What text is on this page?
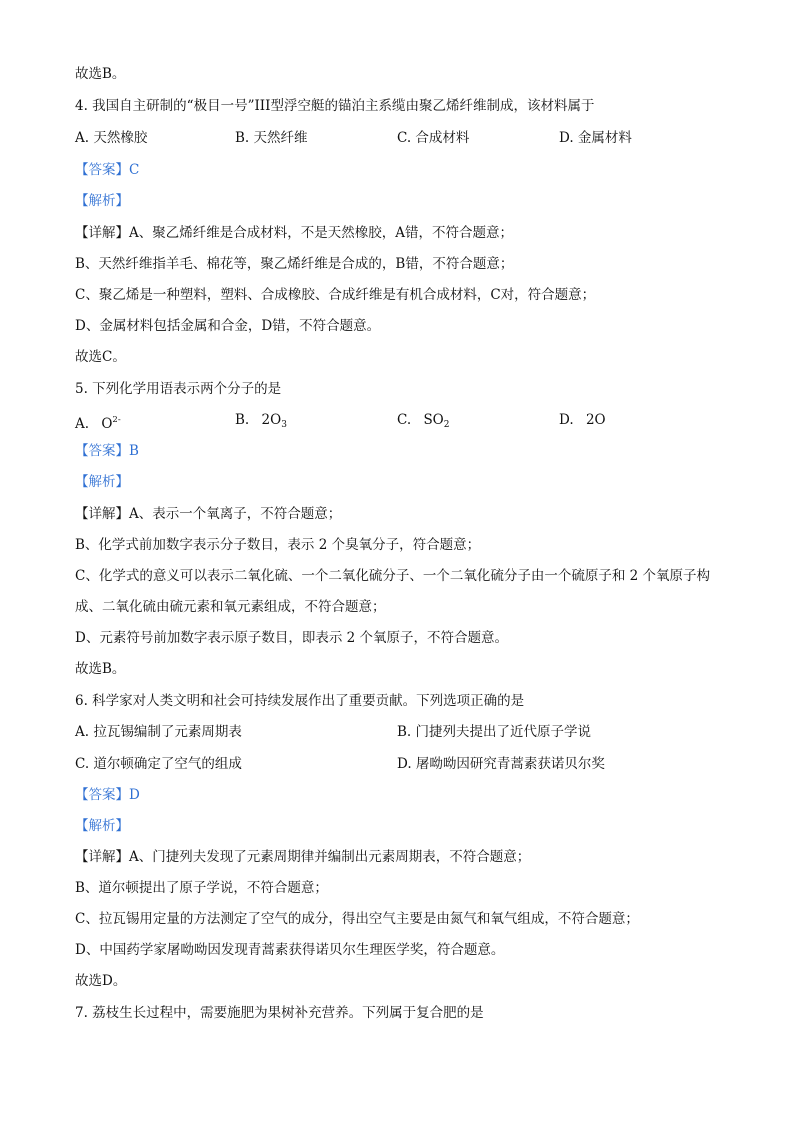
故选B。
4. 我国自主研制的“极目一号”III型浮空艇的锚泊主系缆由聚乙烯纤维制成，该材料属于
A. 天然橡胶	B. 天然纤维	C. 合成材料	D. 金属材料
【答案】C
【解析】
【详解】A、聚乙烯纤维是合成材料，不是天然橡胶，A错，不符合题意；
B、天然纤维指羊毛、棉花等，聚乙烯纤维是合成的，B错，不符合题意；
C、聚乙烯是一种塑料，塑料、合成橡胶、合成纤维是有机合成材料，C对，符合题意；
D、金属材料包括金属和合金，D错，不符合题意。
故选C。
5. 下列化学用语表示两个分子的是
A. $O^{2-}$	B. $2O_3$	C. $SO_2$	D. 2O
【答案】B
【解析】
【详解】A、表示一个氧离子，不符合题意；
B、化学式前加数字表示分子数目，表示 2 个臭氧分子，符合题意；
C、化学式的意义可以表示二氧化硫、一个二氧化硫分子、一个二氧化硫分子由一个硫原子和 2 个氧原子构
成、二氧化硫由硫元素和氧元素组成，不符合题意；
D、元素符号前加数字表示原子数目，即表示 2 个氧原子，不符合题意。
故选B。
6. 科学家对人类文明和社会可持续发展作出了重要贡献。下列选项正确的是
A. 拉瓦锡编制了元素周期表	B. 门捷列夫提出了近代原子学说
C. 道尔顿确定了空气的组成	D. 屠呦呦因研究青蒿素获诺贝尔奖
【答案】D
【解析】
【详解】A、门捷列夫发现了元素周期律并编制出元素周期表，不符合题意；
B、道尔顿提出了原子学说，不符合题意；
C、拉瓦锡用定量的方法测定了空气的成分，得出空气主要是由氮气和氧气组成，不符合题意；
D、中国药学家屠呦呦因发现青蒿素获得诺贝尔生理医学奖，符合题意。
故选D。
7. 荔枝生长过程中，需要施肥为果树补充营养。下列属于复合肥的是
